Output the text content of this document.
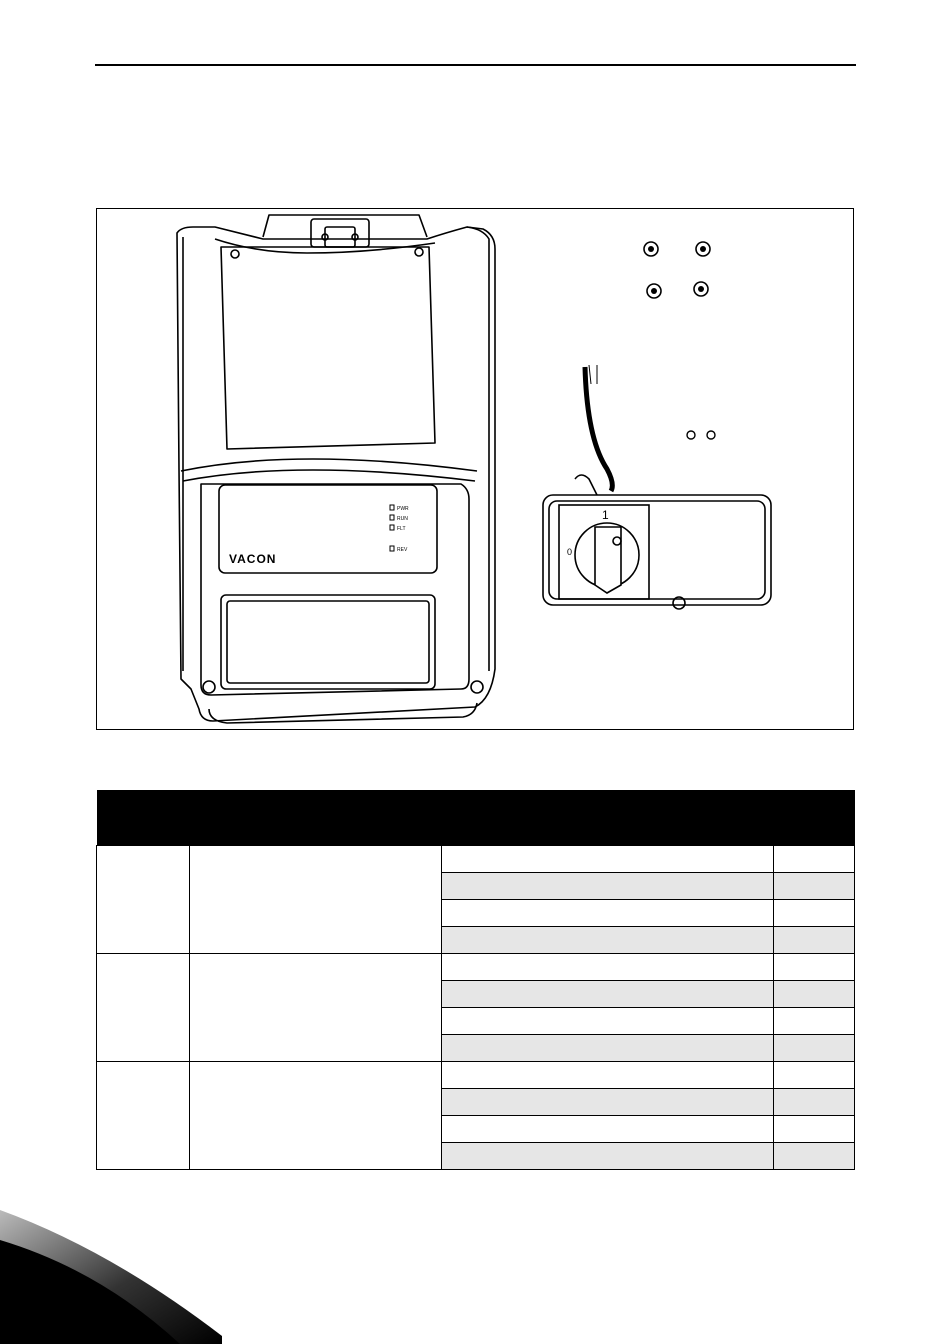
PWR
RUN
FLT
REV
VACON
1
0
